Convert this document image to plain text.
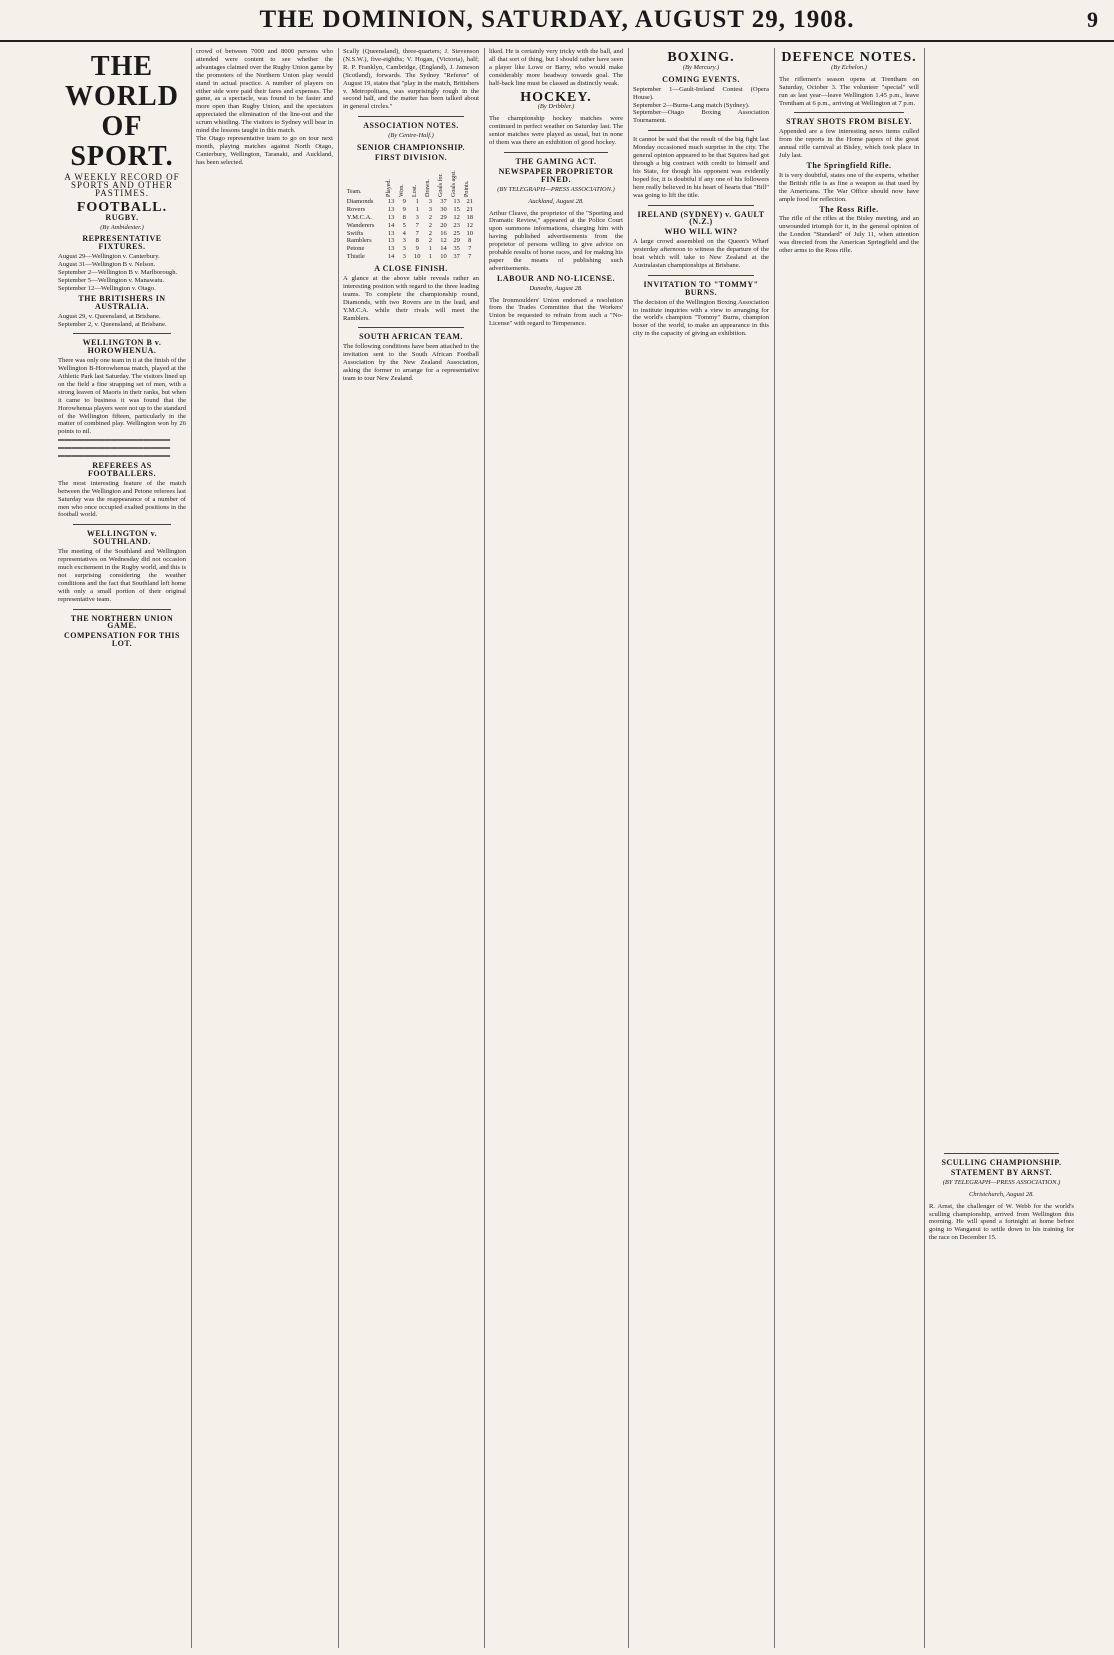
THE DOMINION, SATURDAY, AUGUST 29, 1908.	9
THE WORLD OF SPORT.
A WEEKLY RECORD OF SPORTS AND OTHER PASTIMES.
FOOTBALL.
RUGBY.
(By Ambidexter.)
REPRESENTATIVE FIXTURES.

August 29—Wellington v. Canterbury.
August 31—Wellington B v. Nelson.
September 2—Wellington B v. Marlborough.
September 5—Wellington v. Manawatu.
September 12—Wellington v. Otago.

THE BRITISHERS IN AUSTRALIA.

August 29, v. Queensland, at Brisbane.
September 2, v. Queensland, at Brisbane.

WELLINGTON B v. HOROWHENUA.

There was only one team in it at the finish of the Wellington B-Horowhenua match, played at the Athletic Park last Saturday. The visitors lined up on the field a fine strapping set of men, with a strong leaven of Maoris in their ranks, but when it came to business it was found that the Horowhenua players were not up to the standard of the Wellington fifteen, particularly in the matter of combined play. Wellington won by 26 points to nil.

▬▬▬▬▬▬▬▬▬▬▬▬▬▬▬▬▬ ▬▬▬▬▬▬▬▬▬▬▬▬▬▬▬▬▬ ▬▬▬▬▬▬▬▬▬▬▬▬▬▬▬▬▬
REFEREES AS FOOTBALLERS.

The most interesting feature of the match between the Wellington and Petone referees last Saturday was the reappearance of a number of men who once occupied exalted positions in the football world.

WELLINGTON v. SOUTHLAND.

The meeting of the Southland and Wellington representatives on Wednesday did not occasion much excitement in the Rugby world, and this is not surprising considering the weather conditions and the fact that Southland left home with only a small portion of their original representative team.

THE NORTHERN UNION GAME.
COMPENSATION FOR THIS LOT.

crowd of between 7000 and 8000 persons who attended were content to see whether the advantages claimed over the Rugby Union game by the promoters of the Northern Union play would stand in actual practice. A number of players on either side were paid their fares and expenses. The game, as a spectacle, was found to be faster and more open than Rugby Union, and the spectators appreciated the elimination of the line-out and the scrum whistling. The visitors to Sydney will bear in mind the lessons taught in this match.

The Otago representative team to go on tour next month, playing matches against North Otago, Canterbury, Wellington, Taranaki, and Auckland, has been selected.

Scally (Queensland), three-quarters; J. Stevenson (N.S.W.), five-eighths; V. Hogan, (Victoria), half; R. P. Franklyn, Cambridge, (England), J. Jameson (Scotland), forwards. The Sydney "Referee" of August 19, states that "play in the match, Britishers v. Metropolitans, was surprisingly rough in the second half, and the matter has been talked about in general circles."

ASSOCIATION NOTES.
(By Centre-Half.)
SENIOR CHAMPIONSHIP.
FIRST DIVISION.
Team.	Played.	Won.	Lost.	Drawn.	Goals for.	Goals agst.	Points.
Diamonds	13	9	1	3	37	13	21
Rovers	13	9	1	3	30	15	21
Y.M.C.A.	13	8	3	2	29	12	18
Wanderers	14	5	7	2	20	23	12
Swifts	13	4	7	2	16	25	10
Ramblers	13	3	8	2	12	29	8
Petone	13	3	9	1	14	35	7
Thistle	14	3	10	1	10	37	7
A CLOSE FINISH.

A glance at the above table reveals rather an interesting position with regard to the three leading teams. To complete the championship round, Diamonds, with two Rovers are in the lead, and Y.M.C.A. while their rivals will meet the Ramblers.

SOUTH AFRICAN TEAM.

The following conditions have been attached to the invitation sent to the South African Football Association by the New Zealand Association, asking the former to arrange for a representative team to tour New Zealand.

liked. He is certainly very tricky with the ball, and all that sort of thing, but I should rather have seen a player like Lowe or Barry, who would make considerably more headway towards goal. The half-back line must be classed as distinctly weak.

HOCKEY.
(By Dribbler.)

The championship hockey matches were continued in perfect weather on Saturday last. The senior matches were played as usual, but in none of them was there an exhibition of good hockey.

THE GAMING ACT.
NEWSPAPER PROPRIETOR FINED.
(BY TELEGRAPH—PRESS ASSOCIATION.)
Auckland, August 28.

Arthur Cleave, the proprietor of the "Sporting and Dramatic Review," appeared at the Police Court upon summons informations, charging him with having published advertisements from the proprietor of persons willing to give advice on probable results of horse races, and for making his paper the means of publishing such advertisements.

LABOUR AND NO-LICENSE.
Dunedin, August 28.

The Ironmoulders' Union endorsed a resolution from the Trades Committee that the Workers' Union be requested to refrain from such a "No-License" with regard to Temperance.

BOXING.
(By Mercury.)
COMING EVENTS.

September 1—Gault-Ireland Contest (Opera House).
September 2—Burns-Lang match (Sydney).
September—Otago Boxing Association Tournament.

It cannot be said that the result of the big fight last Monday occasioned much surprise in the city. The general opinion appeared to be that Squires had got through a big contract with credit to himself and his State, for though his opponent was evidently hoped for, it is doubtful if any one of his followers here really believed in his heart of hearts that "Bill" was going to lift the title.

IRELAND (SYDNEY) v. GAULT (N.Z.)
WHO WILL WIN?

A large crowd assembled on the Queen's Wharf yesterday afternoon to witness the departure of the boat which will take to New Zealand at the Australasian championships at Brisbane.

INVITATION TO "TOMMY" BURNS.

The decision of the Wellington Boxing Association to institute inquiries with a view to arranging for the world's champion "Tommy" Burns, champion boxer of the world, to make an appearance in this city in the capacity of giving an exhibition.

DEFENCE NOTES.
(By Echelon.)

The riflemen's season opens at Trentham on Saturday, October 3. The volunteer "special" will run as last year—leave Wellington 1.45 p.m., leave Trentham at 6 p.m., arriving at Wellington at 7 p.m.

STRAY SHOTS FROM BISLEY.

Appended are a few interesting news items culled from the reports in the Home papers of the great annual rifle carnival at Bisley, which took place in July last.

The Springfield Rifle.

It is very doubtful, states one of the experts, whether the British rifle is as fine a weapon as that used by the Americans. The War Office should now have ample food for reflection.

The Ross Rifle.

The rifle of the rifles at the Bisley meeting, and an unwounded triumph for it, in the general opinion of the London "Standard" of July 11, when attention was directed from the American Springfield and the other arms to the Ross rifle.

SCULLING CHAMPIONSHIP.
STATEMENT BY ARNST.
(BY TELEGRAPH—PRESS ASSOCIATION.)
Christchurch, August 28.

R. Arnst, the challenger of W. Webb for the world's sculling championship, arrived from Wellington this morning. He will spend a fortnight at home before going to Wanganui to settle down to his training for the race on December 15.
